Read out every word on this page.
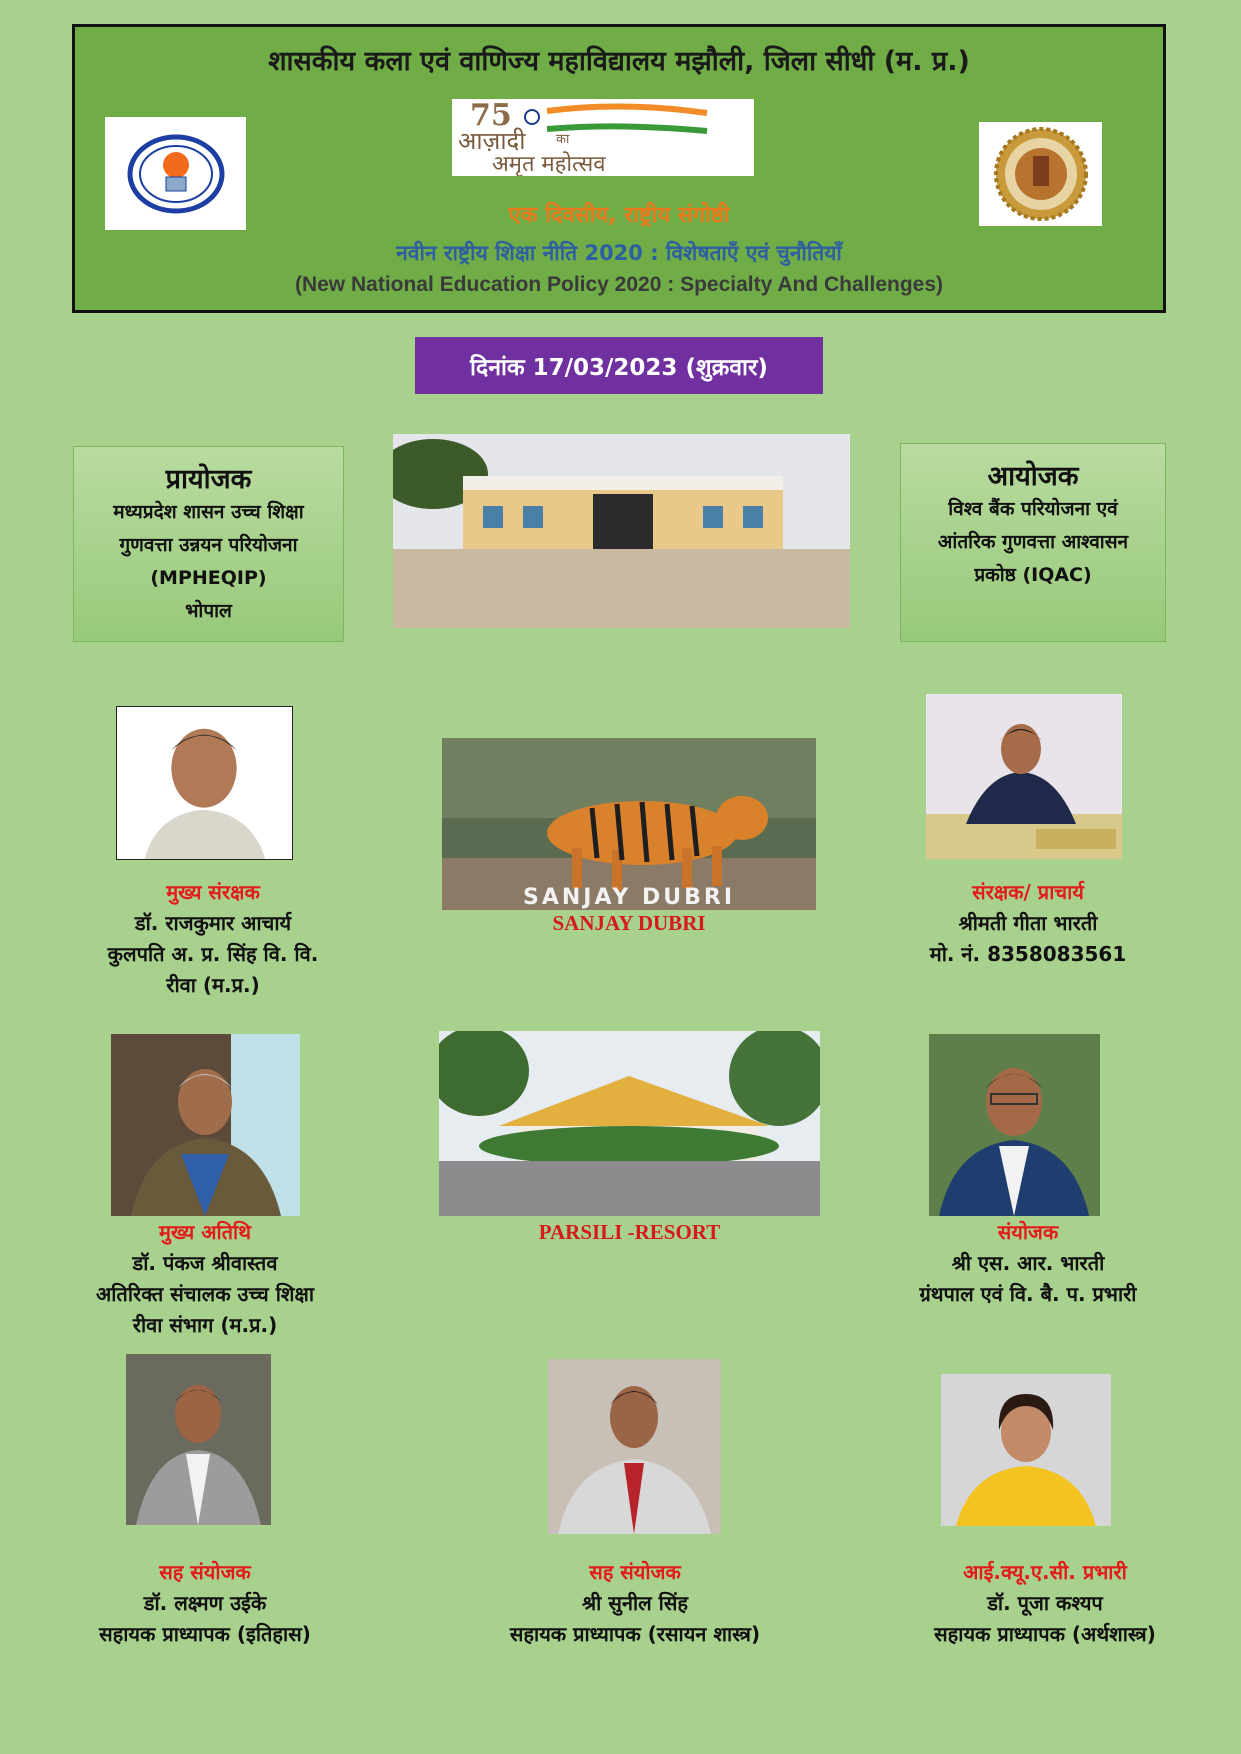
शासकीय कला एवं वाणिज्य महाविद्यालय मझौली, जिला सीधी (म. प्र.)
75
आज़ादी का
अमृत महोत्सव
एक दिवसीय, राष्ट्रीय संगोष्ठी
नवीन राष्ट्रीय शिक्षा नीति 2020 : विशेषताएँ एवं चुनौतियाँ
(New National Education Policy 2020 : Specialty And Challenges)
दिनांक 17/03/2023 (शुक्रवार)
प्रायोजक
मध्यप्रदेश शासन उच्च शिक्षा
गुणवत्ता उन्नयन परियोजना
(MPHEQIP)
भोपाल
आयोजक
विश्व बैंक परियोजना एवं
आंतरिक गुणवत्ता आश्वासन
प्रकोष्ठ (IQAC)
SANJAY DUBRI
मुख्य संरक्षक
डॉ. राजकुमार आचार्य
कुलपति अ. प्र. सिंह वि. वि.
रीवा (म.प्र.)
SANJAY DUBRI
संरक्षक/ प्राचार्य
श्रीमती गीता भारती
मो. नं. 8358083561
मुख्य अतिथि
डॉ. पंकज श्रीवास्तव
अतिरिक्त संचालक उच्च शिक्षा
रीवा संभाग (म.प्र.)
PARSILI -RESORT	संयोजक
श्री एस. आर. भारती
ग्रंथपाल एवं वि. बै. प. प्रभारी
सह संयोजक
डॉ. लक्ष्मण उईके
सहायक प्राध्यापक (इतिहास)
सह संयोजक
श्री सुनील सिंह
सहायक प्राध्यापक (रसायन शास्त्र)
आई.क्यू.ए.सी. प्रभारी
डॉ. पूजा कश्यप
सहायक प्राध्यापक (अर्थशास्त्र)
